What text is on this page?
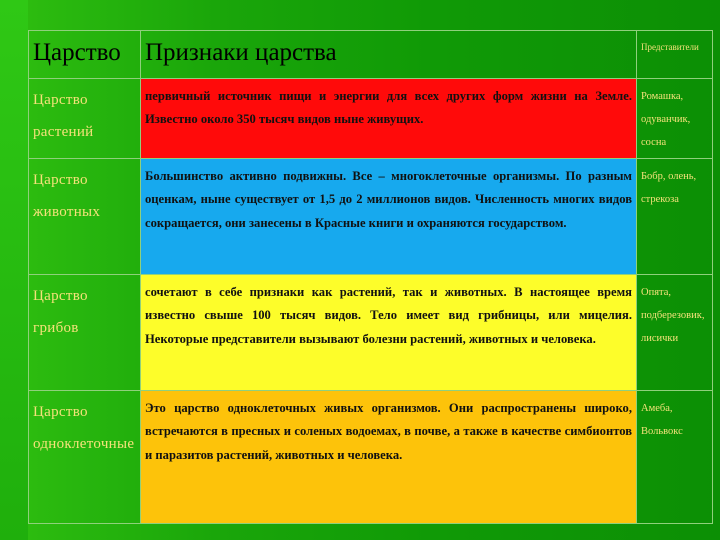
Царство Признаки царства	Представители
Царство растений
первичный источник пищи и энергии для всех других форм жизни на Земле. Известно около 350 тысяч видов ныне живущих.
Ромашка, одуванчик, сосна
Царство животных
Большинство активно подвижны. Все – многоклеточные организмы. По разным оценкам, ныне существует от 1,5 до 2 миллионов видов. Численность многих видов сокращается, они занесены в Красные книги и охраняются государством.
Бобр, олень, стрекоза
Царство грибов
сочетают в себе признаки как растений, так и животных. В настоящее время известно свыше 100 тысяч видов. Тело имеет вид грибницы, или мицелия. Некоторые представители вызывают болезни растений, животных и человека.
Опята, подберезовик, лисички
Царство одноклеточные
Это царство одноклеточных живых организмов. Они распространены широко, встречаются в пресных и соленых водоемах, в почве, а также в качестве симбионтов и паразитов растений, животных и человека.
Амеба, Вольвокс
